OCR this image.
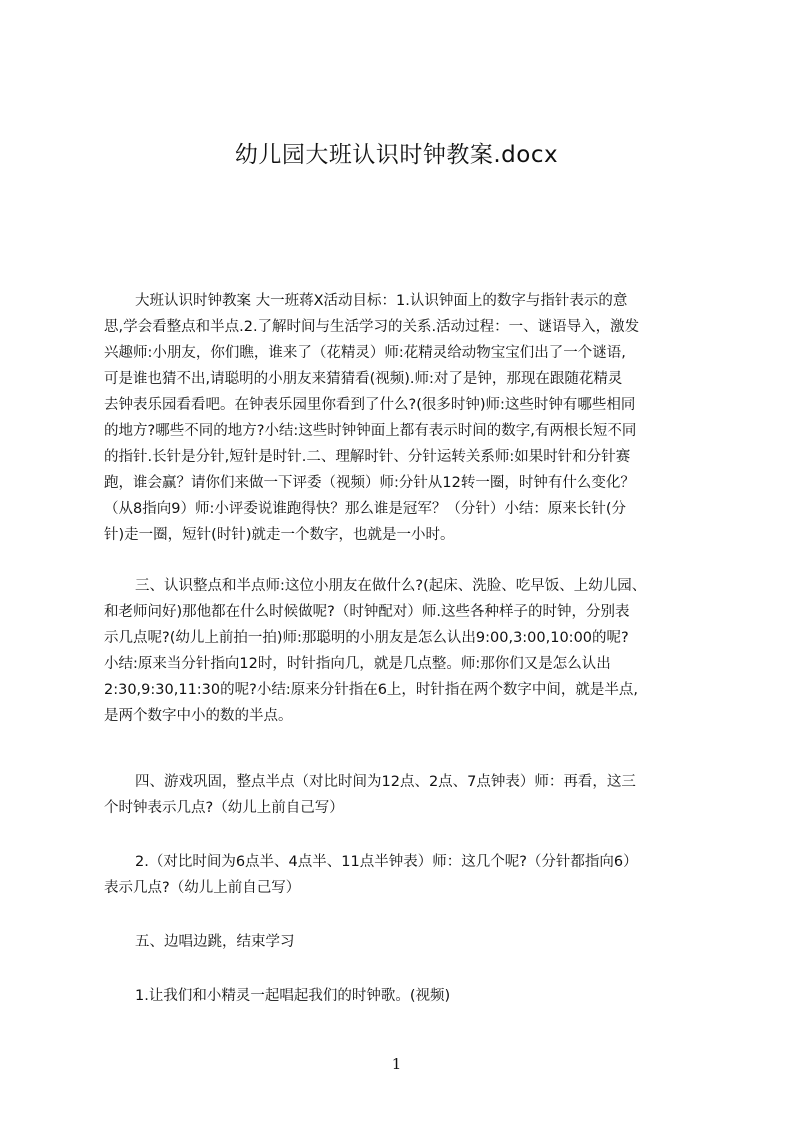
幼儿园大班认识时钟教案.docx
大班认识时钟教案 大一班蒋X活动目标：1.认识钟面上的数字与指针表示的意
思,学会看整点和半点.2.了解时间与生活学习的关系.活动过程：一、谜语导入，激发
兴趣师:小朋友，你们瞧，谁来了（花精灵）师:花精灵给动物宝宝们出了一个谜语,
可是谁也猜不出,请聪明的小朋友来猜猜看(视频).师:对了是钟，那现在跟随花精灵
去钟表乐园看看吧。在钟表乐园里你看到了什么?(很多时钟)师:这些时钟有哪些相同
的地方?哪些不同的地方?小结:这些时钟钟面上都有表示时间的数字,有两根长短不同
的指针.长针是分针,短针是时针.二、理解时针、分针运转关系师:如果时针和分针赛
跑，谁会赢？请你们来做一下评委（视频）师:分针从12转一圈，时钟有什么变化？
（从8指向9）师:小评委说谁跑得快？那么谁是冠军？（分针）小结：原来长针(分
针)走一圈，短针(时针)就走一个数字，也就是一小时。
三、认识整点和半点师:这位小朋友在做什么?(起床、洗脸、吃早饭、上幼儿园、
和老师问好)那他都在什么时候做呢?（时钟配对）师.这些各种样子的时钟，分别表
示几点呢?(幼儿上前拍一拍)师:那聪明的小朋友是怎么认出9:00,3:00,10:00的呢?
小结:原来当分针指向12时，时针指向几，就是几点整。师:那你们又是怎么认出
2:30,9:30,11:30的呢?小结:原来分针指在6上，时针指在两个数字中间，就是半点,
是两个数字中小的数的半点。
四、游戏巩固，整点半点（对比时间为12点、2点、7点钟表）师：再看，这三
个时钟表示几点?（幼儿上前自己写）
2.（对比时间为6点半、4点半、11点半钟表）师：这几个呢?（分针都指向6）
表示几点?（幼儿上前自己写）
五、边唱边跳，结束学习
1.让我们和小精灵一起唱起我们的时钟歌。(视频)
1
